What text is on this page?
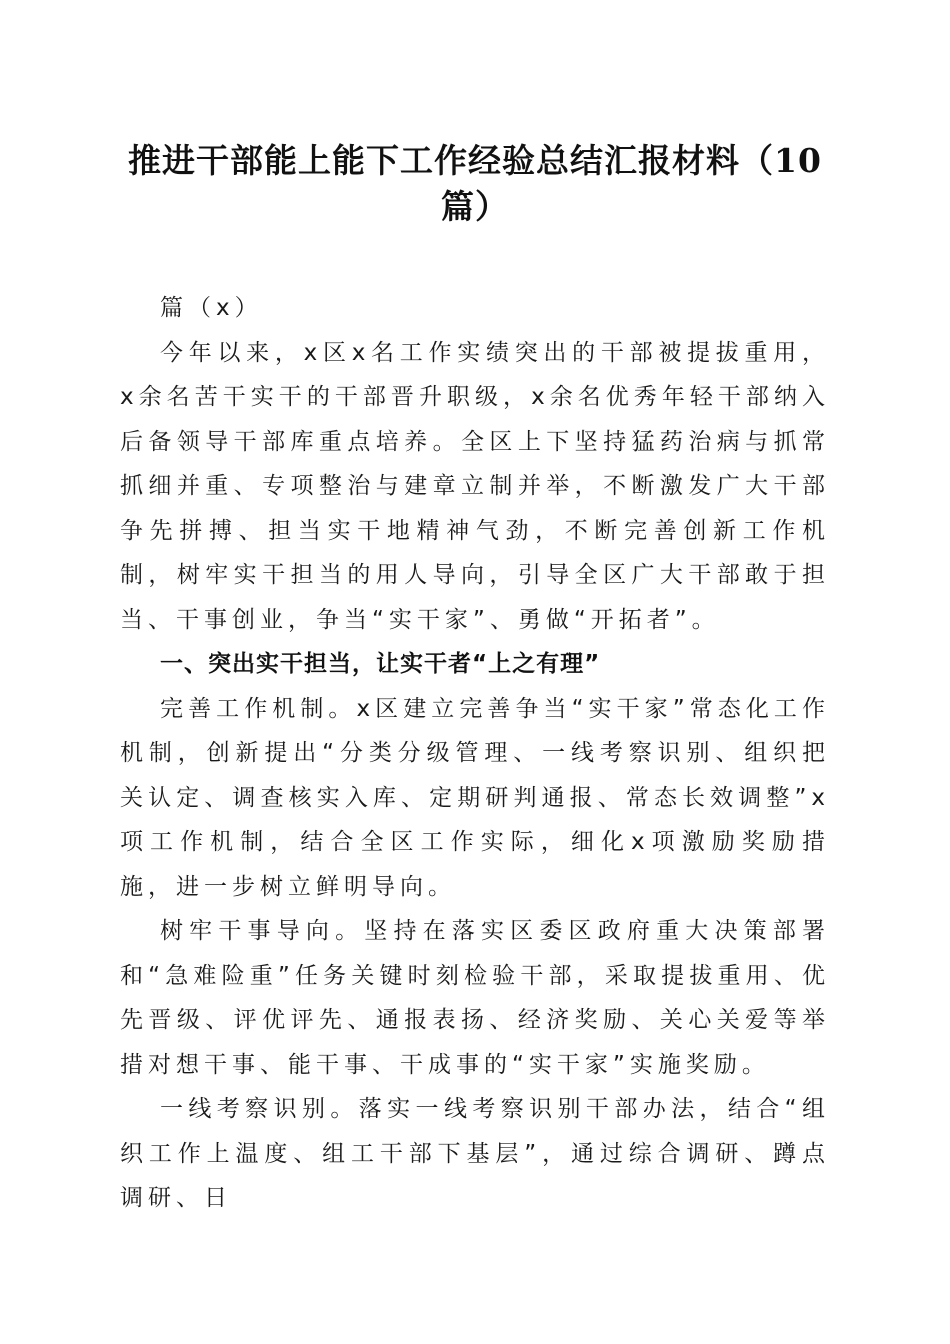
推进干部能上能下工作经验总结汇报材料（10篇）

篇（x）

今年以来，x区x名工作实绩突出的干部被提拔重用，x余名苦干实干的干部晋升职级，x余名优秀年轻干部纳入后备领导干部库重点培养。全区上下坚持猛药治病与抓常抓细并重、专项整治与建章立制并举，不断激发广大干部争先拼搏、担当实干地精神气劲，不断完善创新工作机制，树牢实干担当的用人导向，引导全区广大干部敢于担当、干事创业，争当“实干家”、勇做“开拓者”。

一、突出实干担当，让实干者“上之有理”

完善工作机制。x区建立完善争当“实干家”常态化工作机制，创新提出“分类分级管理、一线考察识别、组织把关认定、调查核实入库、定期研判通报、常态长效调整”x项工作机制，结合全区工作实际，细化x项激励奖励措施，进一步树立鲜明导向。

树牢干事导向。坚持在落实区委区政府重大决策部署和“急难险重”任务关键时刻检验干部，采取提拔重用、优先晋级、评优评先、通报表扬、经济奖励、关心关爱等举措对想干事、能干事、干成事的“实干家”实施奖励。

一线考察识别。落实一线考察识别干部办法，结合“组织工作上温度、组工干部下基层”，通过综合调研、蹲点调研、日
